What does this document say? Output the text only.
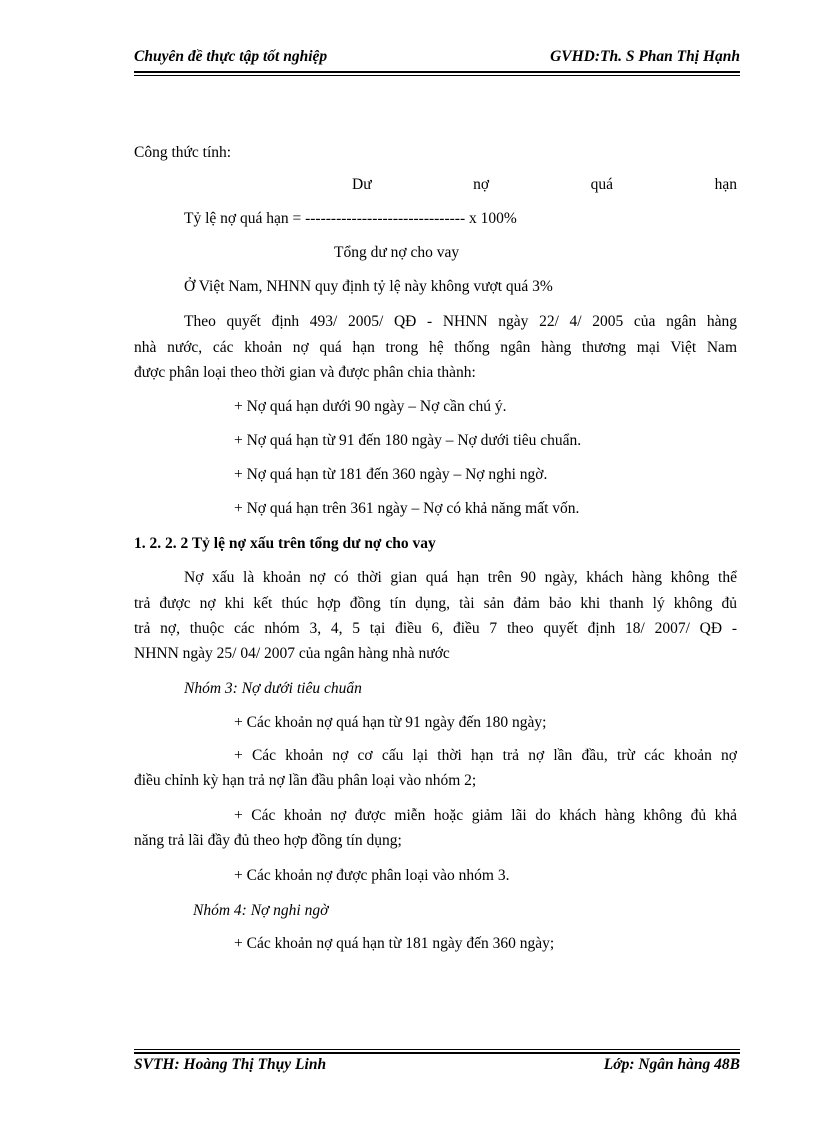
Chuyên đề thực tập tốt nghiệp	GVHD:Th. S Phan Thị Hạnh
Công thức tính:
Dư	nợ	quá	hạn
Tỷ lệ nợ quá hạn = ------------------------------- x 100%
Tổng dư nợ cho vay
Ở Việt Nam, NHNN quy định tỷ lệ này không vượt quá 3%
Theo quyết định 493/ 2005/ QĐ - NHNN ngày 22/ 4/ 2005 của ngân hàng
nhà nước, các khoản nợ quá hạn trong hệ thống ngân hàng thương mại Việt Nam
được phân loại theo thời gian và được phân chia thành:
+ Nợ quá hạn dưới 90 ngày – Nợ cần chú ý.
+ Nợ quá hạn từ 91 đến 180 ngày – Nợ dưới tiêu chuẩn.
+ Nợ quá hạn từ 181 đến 360 ngày – Nợ nghi ngờ.
+ Nợ quá hạn trên 361 ngày – Nợ có khả năng mất vốn.
1. 2. 2. 2 Tỷ lệ nợ xấu trên tổng dư nợ cho vay
Nợ xấu là khoản nợ có thời gian quá hạn trên 90 ngày, khách hàng không thể
trả được nợ khi kết thúc hợp đồng tín dụng, tài sản đảm bảo khi thanh lý không đủ
trả nợ, thuộc các nhóm 3, 4, 5 tại điều 6, điều 7 theo quyết định 18/ 2007/ QĐ -
NHNN ngày 25/ 04/ 2007 của ngân hàng nhà nước
Nhóm 3: Nợ dưới tiêu chuẩn
+ Các khoản nợ quá hạn từ 91 ngày đến 180 ngày;
+ Các khoản nợ cơ cấu lại thời hạn trả nợ lần đầu, trừ các khoản nợ
điều chỉnh kỳ hạn trả nợ lần đầu phân loại vào nhóm 2;
+ Các khoản nợ được miễn hoặc giảm lãi do khách hàng không đủ khả
năng trả lãi đầy đủ theo hợp đồng tín dụng;
+ Các khoản nợ được phân loại vào nhóm 3.
Nhóm 4: Nợ nghi ngờ
+ Các khoản nợ quá hạn từ 181 ngày đến 360 ngày;
SVTH: Hoàng Thị Thụy Linh	Lớp: Ngân hàng 48B
